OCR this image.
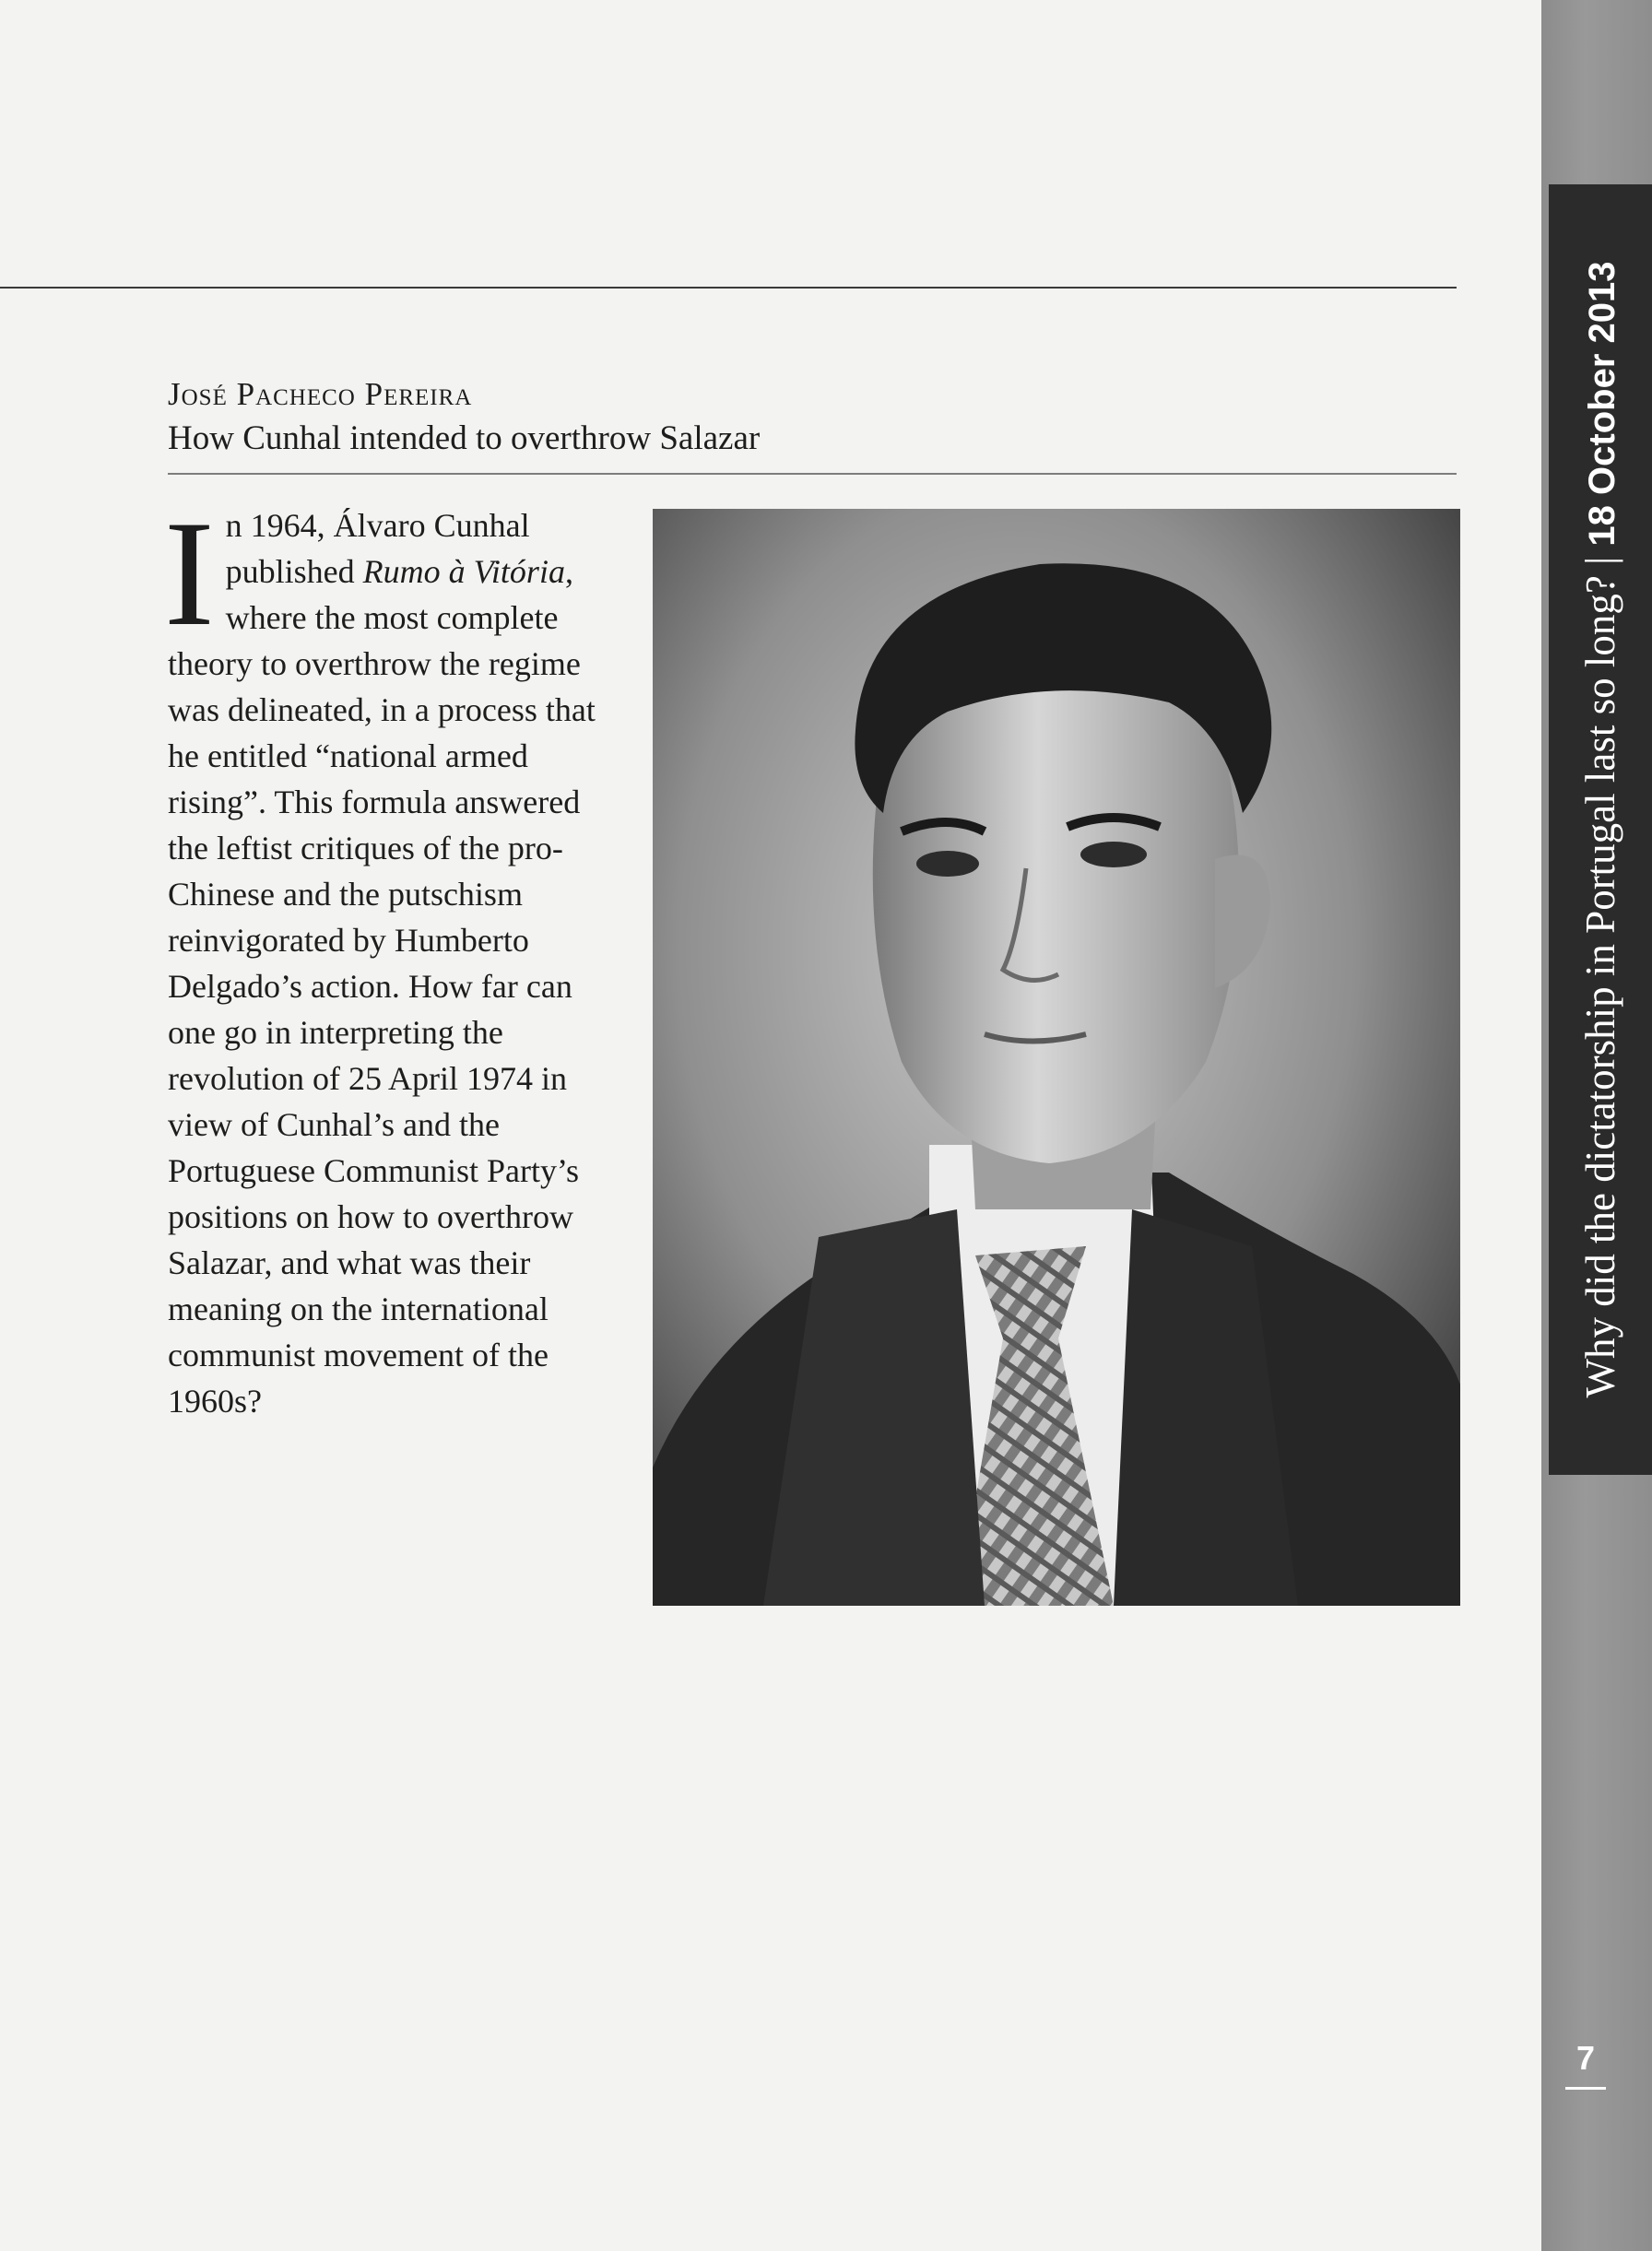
José Pacheco Pereira
How Cunhal intended to overthrow Salazar
In 1964, Álvaro Cunhal published Rumo à Vitória, where the most complete theory to overthrow the regime was delineated, in a process that he entitled “national armed rising”. This formula answered the leftist critiques of the pro-Chinese and the putschism reinvigorated by Humberto Delgado’s action. How far can one go in interpreting the revolution of 25 April 1974 in view of Cunhal’s and the Portuguese Communist Party’s positions on how to overthrow Salazar, and what was their meaning on the international communist movement of the 1960s?
Why did the dictatorship in Portugal last so long? | 18 October 2013
7
